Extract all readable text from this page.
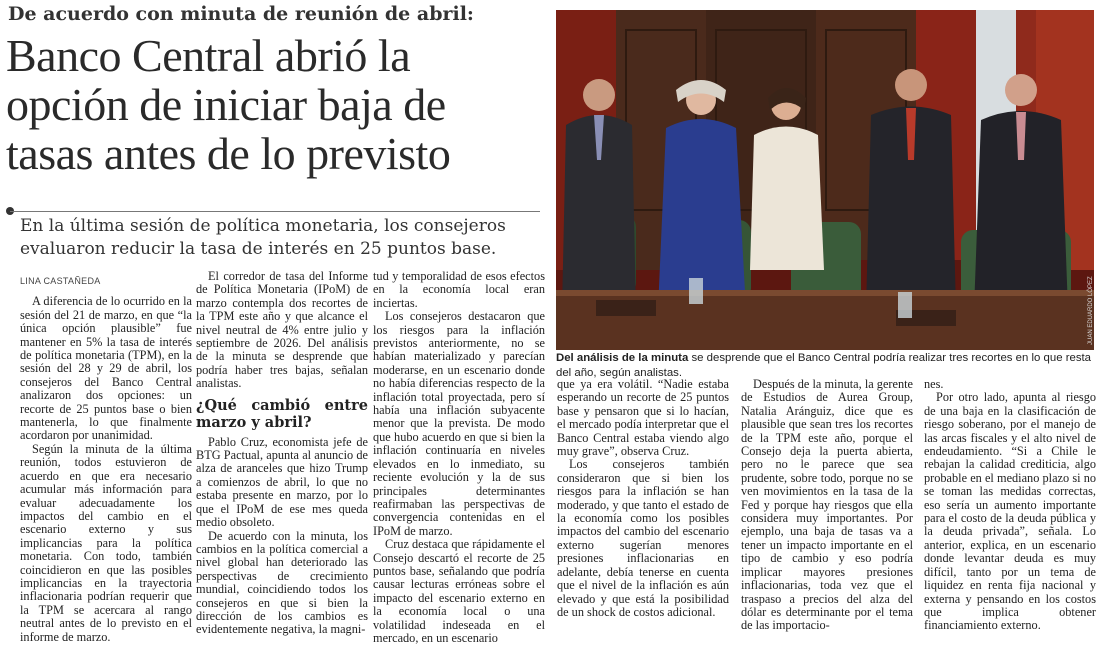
De acuerdo con minuta de reunión de abril:
Banco Central abrió la opción de iniciar baja de tasas antes de lo previsto
En la última sesión de política monetaria, los consejeros evaluaron reducir la tasa de interés en 25 puntos base.
JUAN EDUARDO LÓPEZ
Del análisis de la minuta se desprende que el Banco Central podría realizar tres recortes en lo que resta del año, según analistas.

LINA CASTAÑEDA

A diferencia de lo ocurrido en la sesión del 21 de marzo, en que “la única opción plausible” fue mantener en 5% la tasa de interés de política monetaria (TPM), en la sesión del 28 y 29 de abril, los consejeros del Banco Central analizaron dos opciones: un recorte de 25 puntos base o bien mantenerla, lo que finalmente acordaron por unanimidad.

Según la minuta de la última reunión, todos estuvieron de acuerdo en que era necesario acumular más información para evaluar adecuadamente los impactos del cambio en el escenario externo y sus implicancias para la política monetaria. Con todo, también coincidieron en que las posibles implicancias en la trayectoria inflacionaria podrían requerir que la TPM se acercara al rango neutral antes de lo previsto en el informe de marzo.

El corredor de tasa del Informe de Política Monetaria (IPoM) de marzo contempla dos recortes de la TPM este año y que alcance el nivel neutral de 4% entre julio y septiembre de 2026. Del análisis de la minuta se desprende que podría haber tres bajas, señalan analistas.

¿Qué cambió entre marzo y abril?

Pablo Cruz, economista jefe de BTG Pactual, apunta al anuncio de alza de aranceles que hizo Trump a comienzos de abril, lo que no estaba presente en marzo, por lo que el IPoM de ese mes queda medio obsoleto.

De acuerdo con la minuta, los cambios en la política comercial a nivel global han deteriorado las perspectivas de crecimiento mundial, coincidiendo todos los consejeros en que si bien la dirección de los cambios es evidentemente negativa, la magni-

tud y temporalidad de esos efectos en la economía local eran inciertas.

Los consejeros destacaron que los riesgos para la inflación previstos anteriormente, no se habían materializado y parecían moderarse, en un escenario donde no había diferencias respecto de la inflación total proyectada, pero sí había una inflación subyacente menor que la prevista. De modo que hubo acuerdo en que si bien la inflación continuaría en niveles elevados en lo inmediato, su reciente evolución y la de sus principales determinantes reafirmaban las perspectivas de convergencia contenidas en el IPoM de marzo.

Cruz destaca que rápidamente el Consejo descartó el recorte de 25 puntos base, señalando que podría causar lecturas erróneas sobre el impacto del escenario externo en la economía local o una volatilidad indeseada en el mercado, en un escenario

que ya era volátil. “Nadie estaba esperando un recorte de 25 puntos base y pensaron que si lo hacían, el mercado podía interpretar que el Banco Central estaba viendo algo muy grave”, observa Cruz.

Los consejeros también consideraron que si bien los riesgos para la inflación se han moderado, y que tanto el estado de la economía como los posibles impactos del cambio del escenario externo sugerían menores presiones inflacionarias en adelante, debía tenerse en cuenta que el nivel de la inflación es aún elevado y que está la posibilidad de un shock de costos adicional.

Después de la minuta, la gerente de Estudios de Aurea Group, Natalia Aránguiz, dice que es plausible que sean tres los recortes de la TPM este año, porque el Consejo deja la puerta abierta, pero no le parece que sea prudente, sobre todo, porque no se ven movimientos en la tasa de la Fed y porque hay riesgos que ella considera muy importantes. Por ejemplo, una baja de tasas va a tener un impacto importante en el tipo de cambio y eso podría implicar mayores presiones inflacionarias, toda vez que el traspaso a precios del alza del dólar es determinante por el tema de las importacio-

nes.

Por otro lado, apunta al riesgo de una baja en la clasificación de riesgo soberano, por el manejo de las arcas fiscales y el alto nivel de endeudamiento. “Si a Chile le rebajan la calidad crediticia, algo probable en el mediano plazo si no se toman las medidas correctas, eso sería un aumento importante para el costo de la deuda pública y la deuda privada”, señala. Lo anterior, explica, en un escenario donde levantar deuda es muy difícil, tanto por un tema de liquidez en renta fija nacional y externa y pensando en los costos que implica obtener financiamiento externo.
